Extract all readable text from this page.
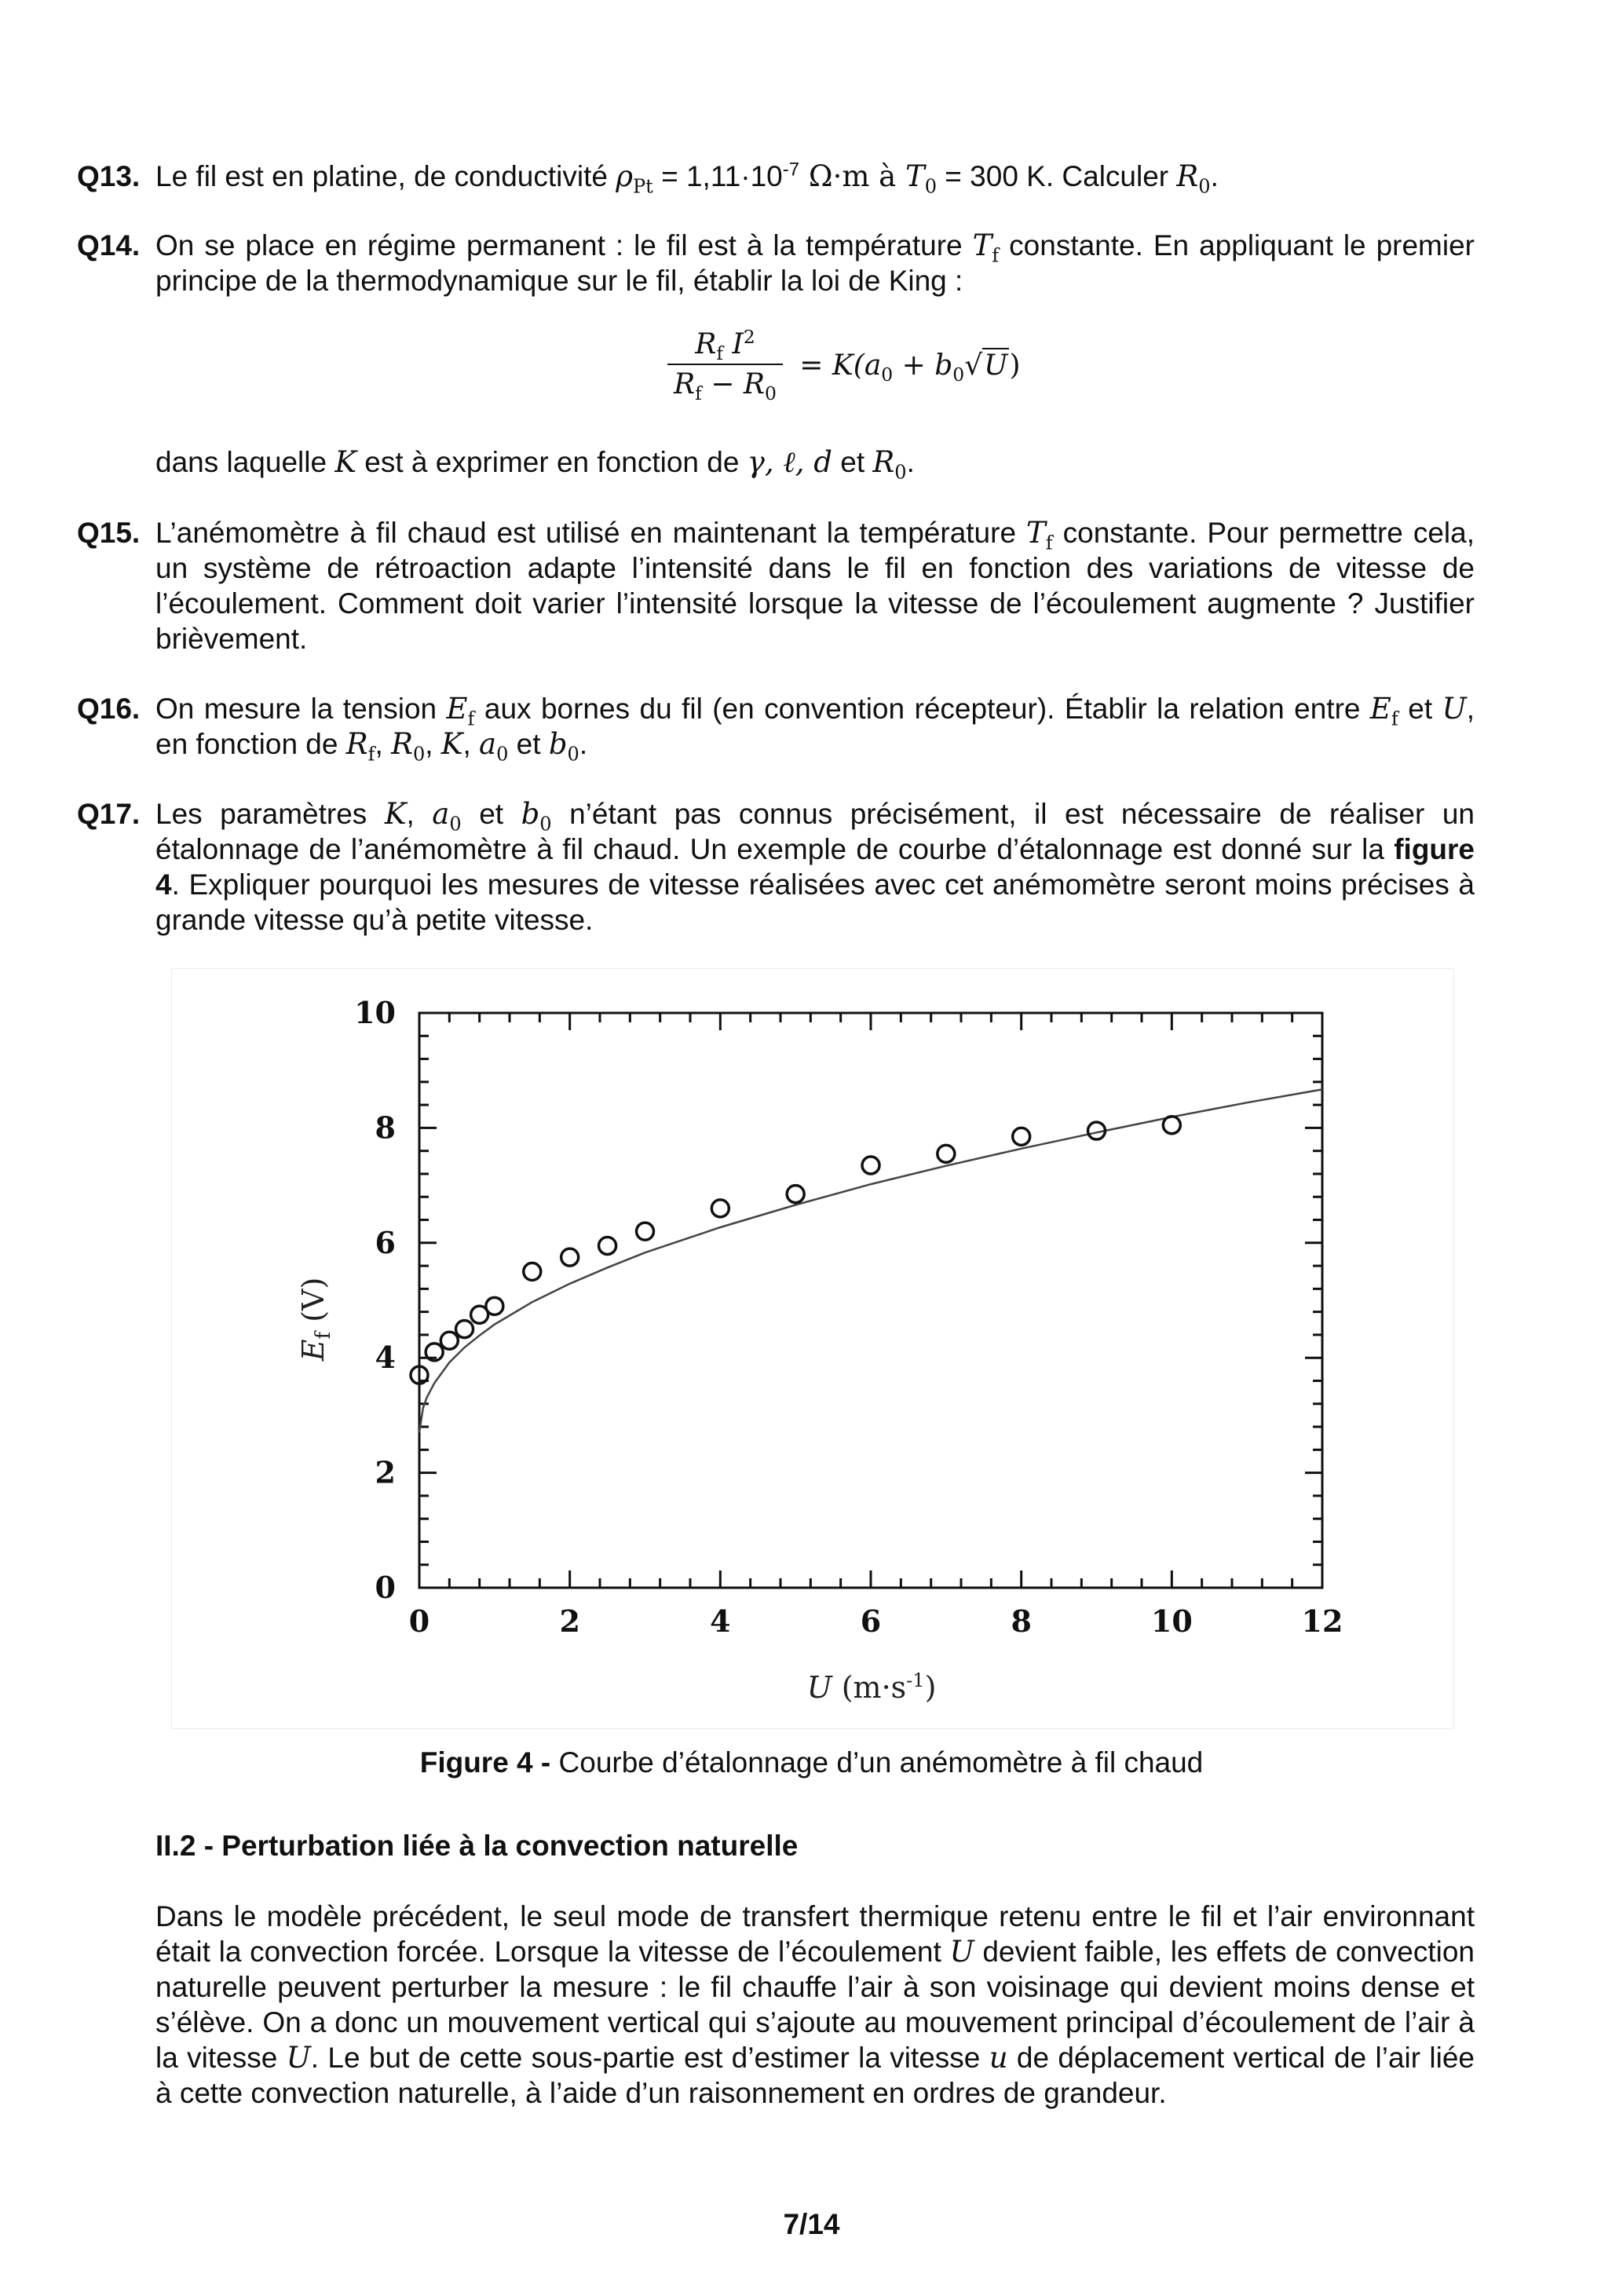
Q13. Le fil est en platine, de conductivité $\rho_{Pt} = 1,11\cdot 10^{-7}$ Ω·m à $T_0 = 300$ K. Calculer $R_0$.

Q14. On se place en régime permanent : le fil est à la température $T_f$ constante. En appliquant le premier principe de la thermodynamique sur le fil, établir la loi de King :

$\frac{R_f I^2}{R_f - R_0} = K(a_0 + b_0√U)$

dans laquelle K est à exprimer en fonction de γ, ℓ, d et $R_0$.

Q15. L’anémomètre à fil chaud est utilisé en maintenant la température $T_f$ constante. Pour permettre cela, un système de rétroaction adapte l’intensité dans le fil en fonction des variations de vitesse de l’écoulement. Comment doit varier l’intensité lorsque la vitesse de l’écoulement augmente ? Justifier brièvement.

Q16. On mesure la tension $E_f$ aux bornes du fil (en convention récepteur). Établir la relation entre $E_f$ et U, en fonction de $R_f$, $R_0$, K, $a_0$ et $b_0$.

Q17. Les paramètres K, $a_0$ et $b_0$ n’étant pas connus précisément, il est nécessaire de réaliser un étalonnage de l’anémomètre à fil chaud. Un exemple de courbe d’étalonnage est donné sur la figure 4. Expliquer pourquoi les mesures de vitesse réalisées avec cet anémomètre seront moins précises à grande vitesse qu’à petite vitesse.

0	2	4	6	8	10	12
0
2
4
6
8
10
U $(m\cdot s^{-1})$
$E_f$ (V)
Figure 4 - Courbe d’étalonnage d’un anémomètre à fil chaud
II.2 - Perturbation liée à la convection naturelle

Dans le modèle précédent, le seul mode de transfert thermique retenu entre le fil et l’air environnant était la convection forcée. Lorsque la vitesse de l’écoulement U devient faible, les effets de convection naturelle peuvent perturber la mesure : le fil chauffe l’air à son voisinage qui devient moins dense et s’élève. On a donc un mouvement vertical qui s’ajoute au mouvement principal d’écoulement de l’air à la vitesse U. Le but de cette sous-partie est d’estimer la vitesse u de déplacement vertical de l’air liée à cette convection naturelle, à l’aide d’un raisonnement en ordres de grandeur.

7/14
